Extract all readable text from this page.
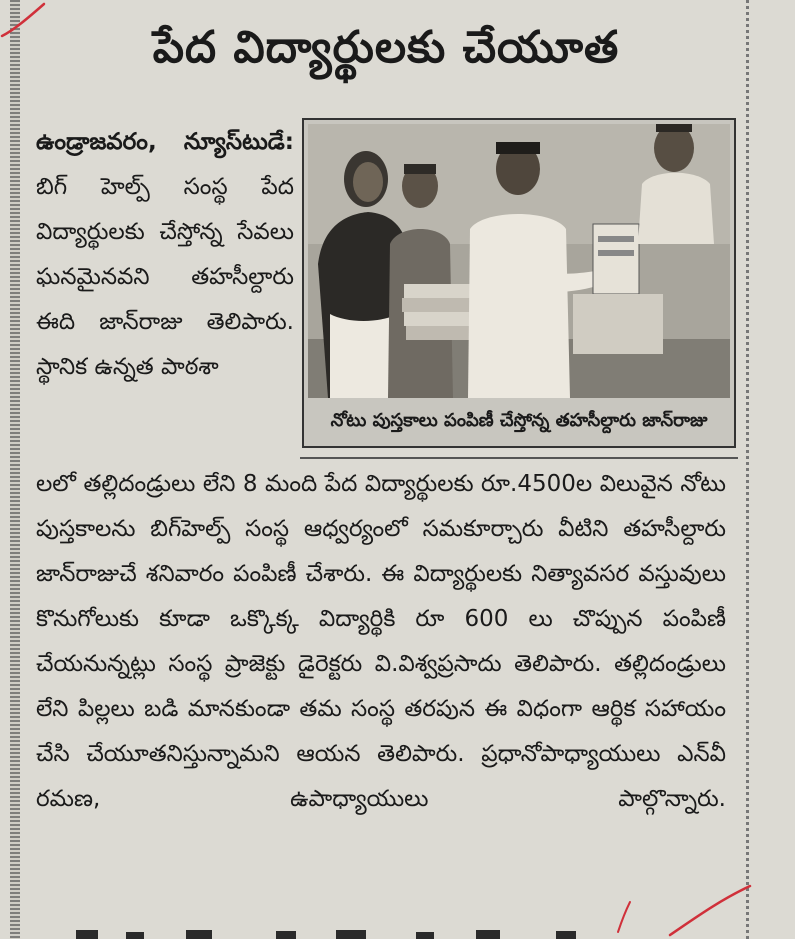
పేద విద్యార్థులకు చేయూత
ఉండ్రాజవరం, న్యూస్‌టుడే: బిగ్ హెల్ప్ సంస్థ పేద విద్యార్థులకు చేస్తోన్న సేవలు ఘనమైనవని తహసీల్దారు ఈది జాన్‌రాజు తెలిపారు. స్థానిక ఉన్నత పాఠశా
నోటు పుస్తకాలు పంపిణీ చేస్తోన్న తహసీల్దారు జాన్‌రాజు

లలో తల్లిదండ్రులు లేని 8 మంది పేద విద్యార్థులకు రూ.4500ల విలువైన నోటు పుస్తకాలను బిగ్‌హెల్ప్ సంస్థ ఆధ్వర్యంలో సమకూర్చారు వీటిని తహసీల్దారు జాన్‌రాజుచే శనివారం పంపిణీ చేశారు. ఈ విద్యార్థులకు నిత్యావసర వస్తువులు కొనుగోలుకు కూడా ఒక్కొక్క విద్యార్థికి రూ 600 లు చొప్పున పంపిణీ చేయనున్నట్లు సంస్థ ప్రాజెక్టు డైరెక్టరు వి.విశ్వప్రసాదు తెలిపారు. తల్లిదండ్రులు లేని పిల్లలు బడి మానకుండా తమ సంస్థ తరపున ఈ విధంగా ఆర్థిక సహాయం చేసి చేయూతనిస్తున్నామని ఆయన తెలిపారు. ప్రధానోపాధ్యాయులు ఎన్‌వీ రమణ, ఉపాధ్యాయులు పాల్గొన్నారు.
